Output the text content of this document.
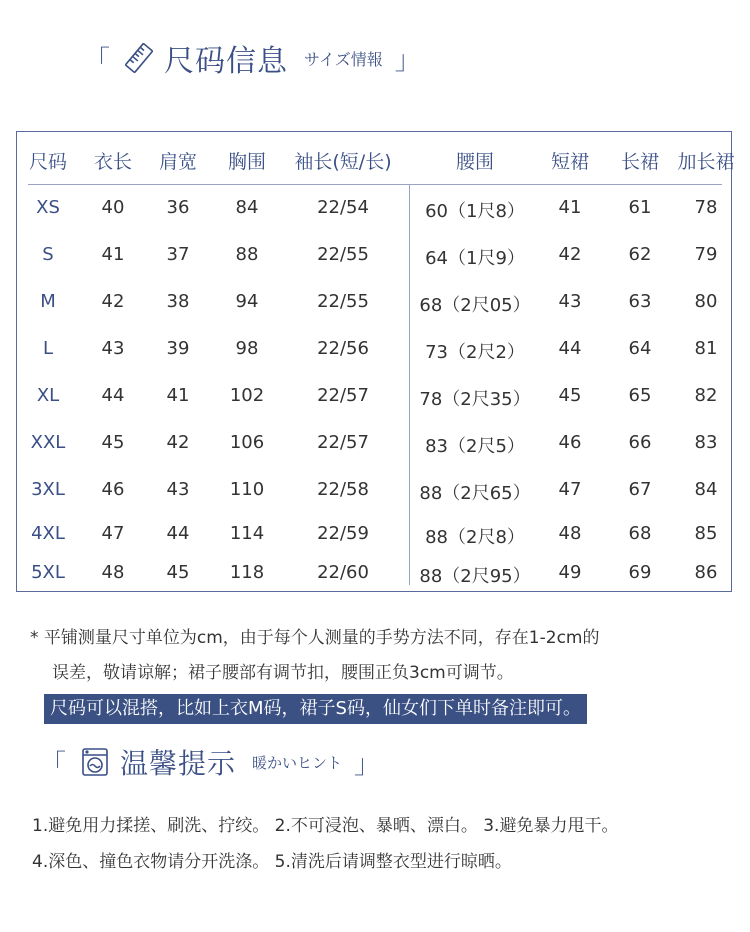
「 尺码信息 サイズ情報 」
尺码 衣长 肩宽 胸围 袖长(短/长)	腰围	短裙 长裙 加长裙
XS 40 36	84	22/54	60（1尺8） 41	61 78
S	41 37	88	22/55	64（1尺9） 42	62 79
M	42 38	94	22/55	68（2尺05） 43	63 80
L	43 39	98	22/56	73（2尺2） 44	64 81
XL 44 41 102	22/57	78（2尺35） 45	65 82
XXL 45 42 106	22/57	83（2尺5） 46	66 83
3XL 46 43 110	22/58	88（2尺65） 47	67 84
4XL 47 44 114	22/59	88（2尺8） 48	68 85
5XL 48 45 118	22/60	88（2尺95） 49	69 86
* 平铺测量尺寸单位为cm，由于每个人测量的手势方法不同，存在1-2cm的
误差，敬请谅解；裙子腰部有调节扣，腰围正负3cm可调节。
尺码可以混搭，比如上衣M码，裙子S码，仙女们下单时备注即可。
「 温馨提示 暖かいヒント 」
1.避免用力揉搓、刷洗、拧绞。 2.不可浸泡、暴晒、漂白。 3.避免暴力甩干。
4.深色、撞色衣物请分开洗涤。 5.清洗后请调整衣型进行晾晒。
